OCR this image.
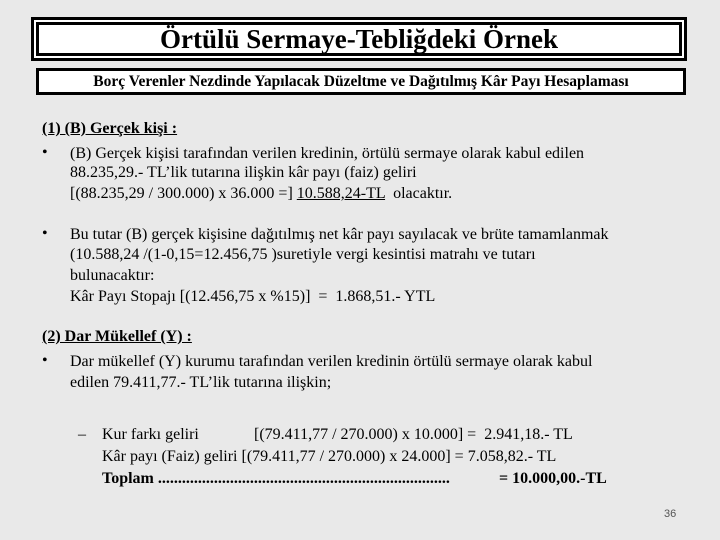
Örtülü Sermaye-Tebliğdeki Örnek
Borç Verenler Nezdinde Yapılacak Düzeltme ve Dağıtılmış Kâr Payı Hesaplaması
(1) (B) Gerçek kişi :
• (B) Gerçek kişisi tarafından verilen kredinin, örtülü sermaye olarak kabul edilen
88.235,29.- TL’lik tutarına ilişkin kâr payı (faiz) geliri
[(88.235,29 / 300.000) x 36.000 =] 10.588,24-TL  olacaktır.
• Bu tutar (B) gerçek kişisine dağıtılmış net kâr payı sayılacak ve brüte tamamlanmak
(10.588,24 /(1-0,15=12.456,75 )suretiyle vergi kesintisi matrahı ve tutarı
bulunacaktır:
Kâr Payı Stopajı [(12.456,75 x %15)]  =  1.868,51.- YTL
(2) Dar Mükellef (Y) :
• Dar mükellef (Y) kurumu tarafından verilen kredinin örtülü sermaye olarak kabul
edilen 79.411,77.- TL’lik tutarına ilişkin;
– Kur farkı geliri	[(79.411,77 / 270.000) x 10.000] =  2.941,18.- TL
Kâr payı (Faiz) geliri [(79.411,77 / 270.000) x 24.000] = 7.058,82.- TL
Toplam .........................................................................	= 10.000,00.-TL
36
